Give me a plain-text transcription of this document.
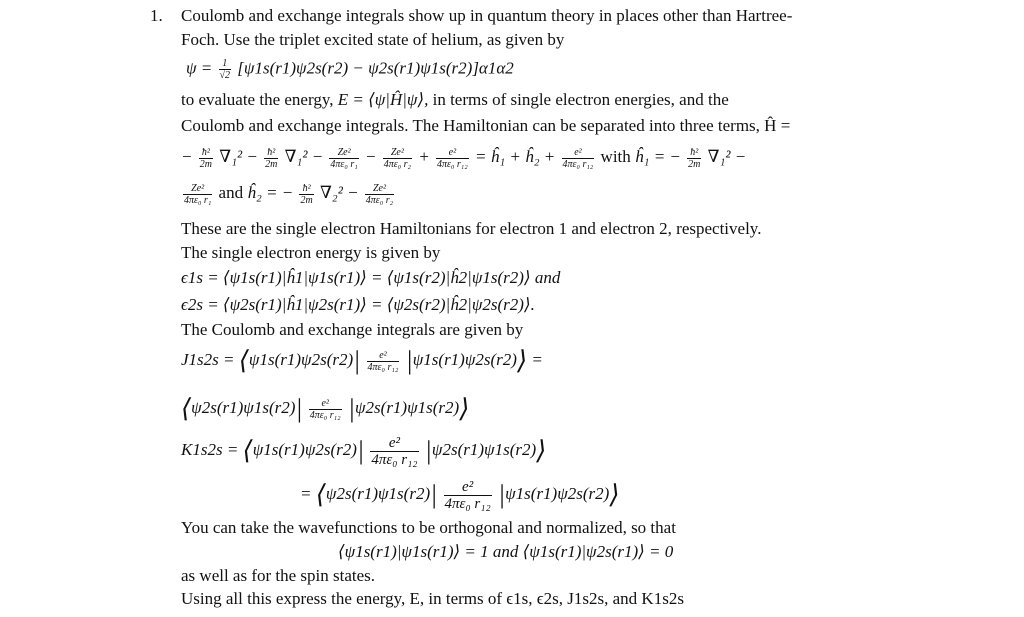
1. Coulomb and exchange integrals show up in quantum theory in places other than Hartree-
Foch. Use the triplet excited state of helium, as given by
$\psi = \frac{1}{√2} [\psi 1s(r1)\psi 2s(r2) - \psi 2s(r1)\psi 1s(r2)]\alpha 1\alpha 2$
to evaluate the energy, E = ⟨ψ|Ĥ|ψ⟩, in terms of single electron energies, and the
Coulomb and exchange integrals. The Hamiltonian can be separated into three terms, Ĥ =
− $\frac{\text{ħ²}}{2m} \nabla_1^2 - \frac{\text{ħ²}}{2m} \nabla_1^2 - \frac{\text{Ze²}}{\text{4πε₀ r₁}} - \frac{\text{Ze²}}{\text{4πε₀ r₂}} + \frac{\text{e²}}{\text{4πε₀ r₁₂}}$ = ĥ₁ + ĥ₂ + $\frac{\text{e²}}{\text{4πε₀ r₁₂}}$ with ĥ₁ = − $\frac{\text{ħ²}}{2m} \nabla_1^2$ −
$\frac{\text{Ze²}}{\text{4πε₀ r₁}}$ and ĥ₂ = − $\frac{\text{ħ²}}{2m} \nabla_2^2 - \frac{\text{Ze²}}{\text{4πε₀ r₂}}$
These are the single electron Hamiltonians for electron 1 and electron 2, respectively.
The single electron energy is given by
ϵ1s = ⟨ψ1s(r1)|ĥ1|ψ1s(r1)⟩ = ⟨ψ1s(r2)|ĥ2|ψ1s(r2)⟩ and
ϵ2s = ⟨ψ2s(r1)|ĥ1|ψ2s(r1)⟩ = ⟨ψ2s(r2)|ĥ2|ψ2s(r2)⟩.
The Coulomb and exchange integrals are given by
J1s2s = ⟨ψ1s(r1)ψ2s(r2)| $\frac{\text{e²}}{\text{4πε₀ r₁₂}}$ |ψ1s(r1)ψ2s(r2)⟩ =
⟨ψ2s(r1)ψ1s(r2)| $\frac{\text{e²}}{\text{4πε₀ r₁₂}}$ |ψ2s(r1)ψ1s(r2)⟩
K1s2s = ⟨ψ1s(r1)ψ2s(r2)| $\frac{\text{e²}}{\text{4πε₀ r₁₂}}$ |ψ2s(r1)ψ1s(r2)⟩
= ⟨ψ2s(r1)ψ1s(r2)| $\frac{\text{e²}}{\text{4πε₀ r₁₂}}$ |ψ1s(r1)ψ2s(r2)⟩
You can take the wavefunctions to be orthogonal and normalized, so that
⟨ψ1s(r1)|ψ1s(r1)⟩ = 1 and ⟨ψ1s(r1)|ψ2s(r1)⟩ = 0
as well as for the spin states.
Using all this express the energy, E, in terms of ϵ1s, ϵ2s, J1s2s, and K1s2s
